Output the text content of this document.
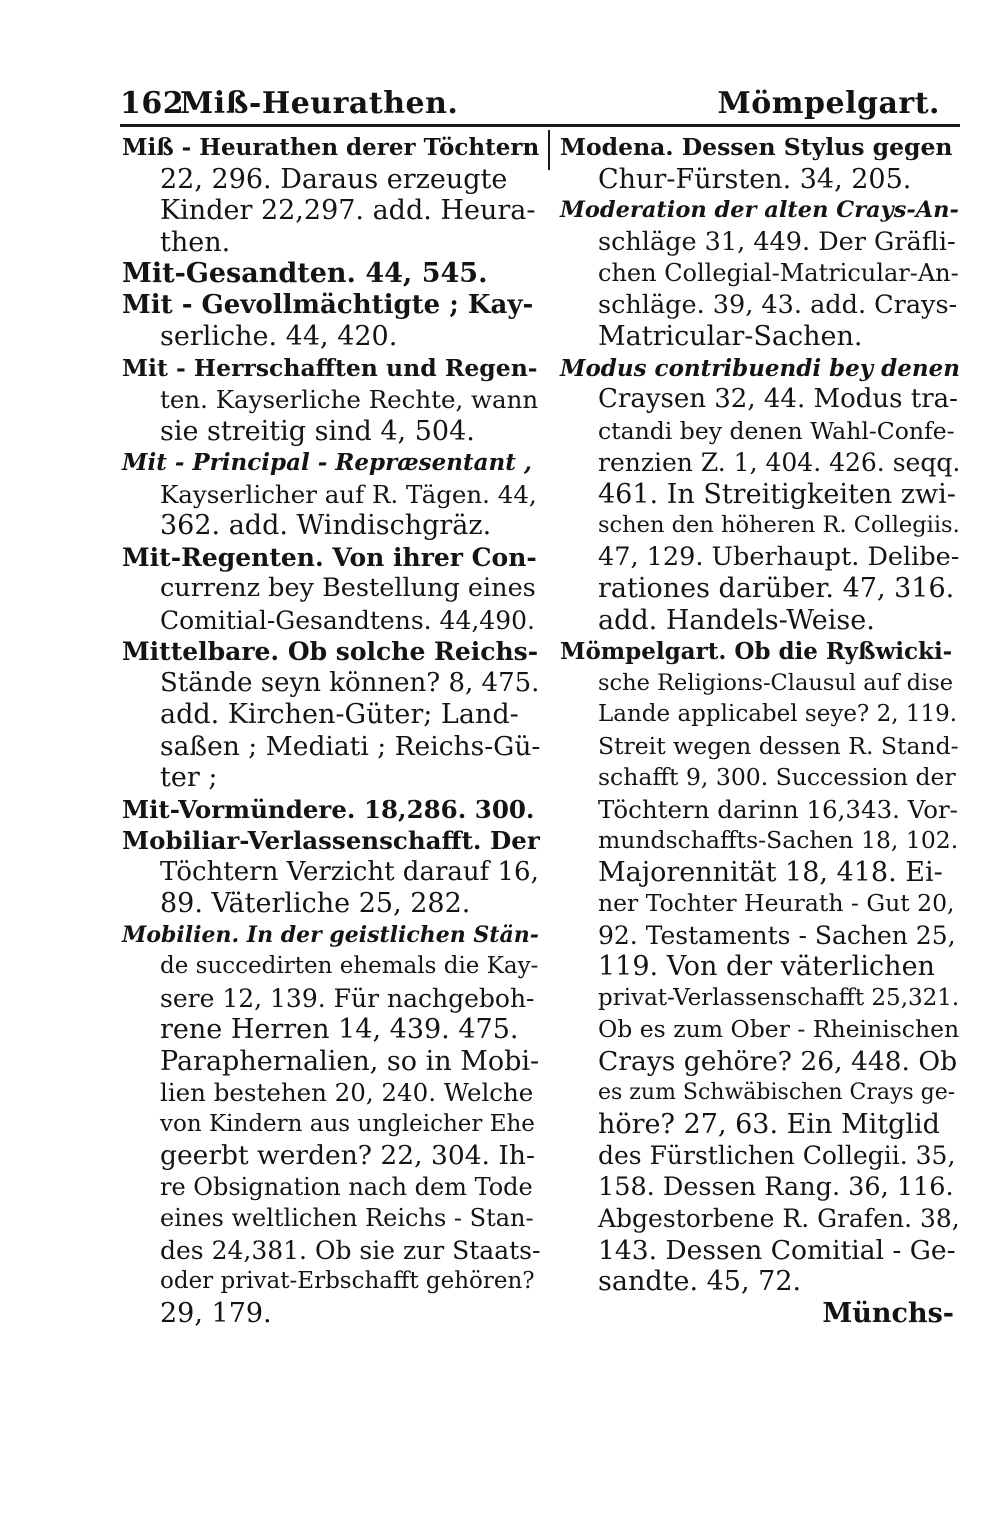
162
Miß-Heurathen.	Mömpelgart.
Miß - Heurathen derer Töchtern
22, 296. Daraus erzeugte
Kinder 22,297. add. Heura-
then.
Mit-Gesandten. 44, 545.
Mit - Gevollmächtigte ; Kay-
serliche. 44, 420.
Mit - Herrschafften und Regen-
ten. Kayserliche Rechte, wann
sie streitig sind 4, 504.
Mit - Principal - Repræsentant ,
Kayserlicher auf R. Tägen. 44,
362. add. Windischgräz.
Mit-Regenten. Von ihrer Con-
currenz bey Bestellung eines
Comitial-Gesandtens. 44,490.
Mittelbare. Ob solche Reichs-
Stände seyn können? 8, 475.
add. Kirchen-Güter; Land-
saßen ; Mediati ; Reichs-Gü-
ter ;
Mit-Vormündere. 18,286. 300.
Mobiliar-Verlassenschafft. Der
Töchtern Verzicht darauf 16,
89. Väterliche 25, 282.
Mobilien. In der geistlichen Stän-
de succedirten ehemals die Kay-
sere 12, 139. Für nachgeboh-
rene Herren 14, 439. 475.
Paraphernalien, so in Mobi-
lien bestehen 20, 240. Welche
von Kindern aus ungleicher Ehe
geerbt werden? 22, 304. Ih-
re Obsignation nach dem Tode
eines weltlichen Reichs - Stan-
des 24,381. Ob sie zur Staats-
oder privat-Erbschafft gehören?
29, 179.
Modena. Dessen Stylus gegen
Chur-Fürsten. 34, 205.
Moderation der alten Crays-An-
schläge 31, 449. Der Gräfli-
chen Collegial-Matricular-An-
schläge. 39, 43. add. Crays-
Matricular-Sachen.
Modus contribuendi bey denen
Craysen 32, 44. Modus tra-
ctandi bey denen Wahl-Confe-
renzien Z. 1, 404. 426. seqq.
461. In Streitigkeiten zwi-
schen den höheren R. Collegiis.
47, 129. Uberhaupt. Delibe-
rationes darüber. 47, 316.
add. Handels-Weise.
Mömpelgart. Ob die Ryßwicki-
sche Religions-Clausul auf dise
Lande applicabel seye? 2, 119.
Streit wegen dessen R. Stand-
schafft 9, 300. Succession der
Töchtern darinn 16,343. Vor-
mundschaffts-Sachen 18, 102.
Majorennität 18, 418. Ei-
ner Tochter Heurath - Gut 20,
92. Testaments - Sachen 25,
119. Von der väterlichen
privat-Verlassenschafft 25,321.
Ob es zum Ober - Rheinischen
Crays gehöre? 26, 448. Ob
es zum Schwäbischen Crays ge-
höre? 27, 63. Ein Mitglid
des Fürstlichen Collegii. 35,
158. Dessen Rang. 36, 116.
Abgestorbene R. Grafen. 38,
143. Dessen Comitial - Ge-
sandte. 45, 72.
Münchs-
